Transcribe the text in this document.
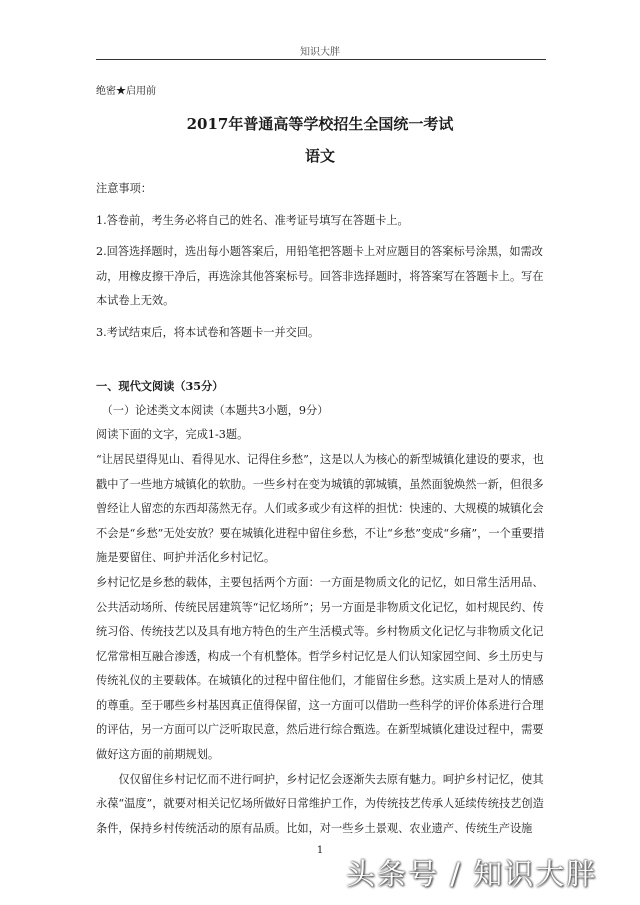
知识大胖
绝密★启用前
2017年普通高等学校招生全国统一考试
语文

注意事项：

1.答卷前，考生务必将自己的姓名、准考证号填写在答题卡上。

2.回答选择题时，选出每小题答案后，用铅笔把答题卡上对应题目的答案标号涂黑，如需改动，用橡皮擦干净后，再选涂其他答案标号。回答非选择题时，将答案写在答题卡上。写在本试卷上无效。

3.考试结束后，将本试卷和答题卡一并交回。

一、现代文阅读（35分）

（一）论述类文本阅读（本题共3小题，9分）

阅读下面的文字，完成1-3题。

“让居民望得见山、看得见水、记得住乡愁”，这是以人为核心的新型城镇化建设的要求，也戳中了一些地方城镇化的软肋。一些乡村在变为城镇的郭城镇，虽然面貌焕然一新，但很多曾经让人留恋的东西却荡然无存。人们或多或少有这样的担忧：快速的、大规模的城镇化会不会是“乡愁”无处安放？要在城镇化进程中留住乡愁，不让“乡愁”变成“乡痛”，一个重要措施是要留住、呵护并活化乡村记忆。

乡村记忆是乡愁的载体，主要包括两个方面：一方面是物质文化的记忆，如日常生活用品、公共活动场所、传统民居建筑等“记忆场所”；另一方面是非物质文化记忆，如村规民约、传统习俗、传统技艺以及具有地方特色的生产生活模式等。乡村物质文化记忆与非物质文化记忆常常相互融合渗透，构成一个有机整体。哲学乡村记忆是人们认知家园空间、乡土历史与传统礼仪的主要载体。在城镇化的过程中留住他们，才能留住乡愁。这实质上是对人的情感的尊重。至于哪些乡村基因真正值得保留，这一方面可以借助一些科学的评价体系进行合理的评估，另一方面可以广泛听取民意，然后进行综合甄选。在新型城镇化建设过程中，需要做好这方面的前期规划。

仅仅留住乡村记忆而不进行呵护，乡村记忆会逐渐失去原有魅力。呵护乡村记忆，使其永葆“温度”，就要对相关记忆场所做好日常维护工作，为传统技艺传承人延续传统技艺创造条件，保持乡村传统活动的原有品质。比如，对一些乡土景观、农业遗产、传统生产设施

1
头条号 / 知识大胖
